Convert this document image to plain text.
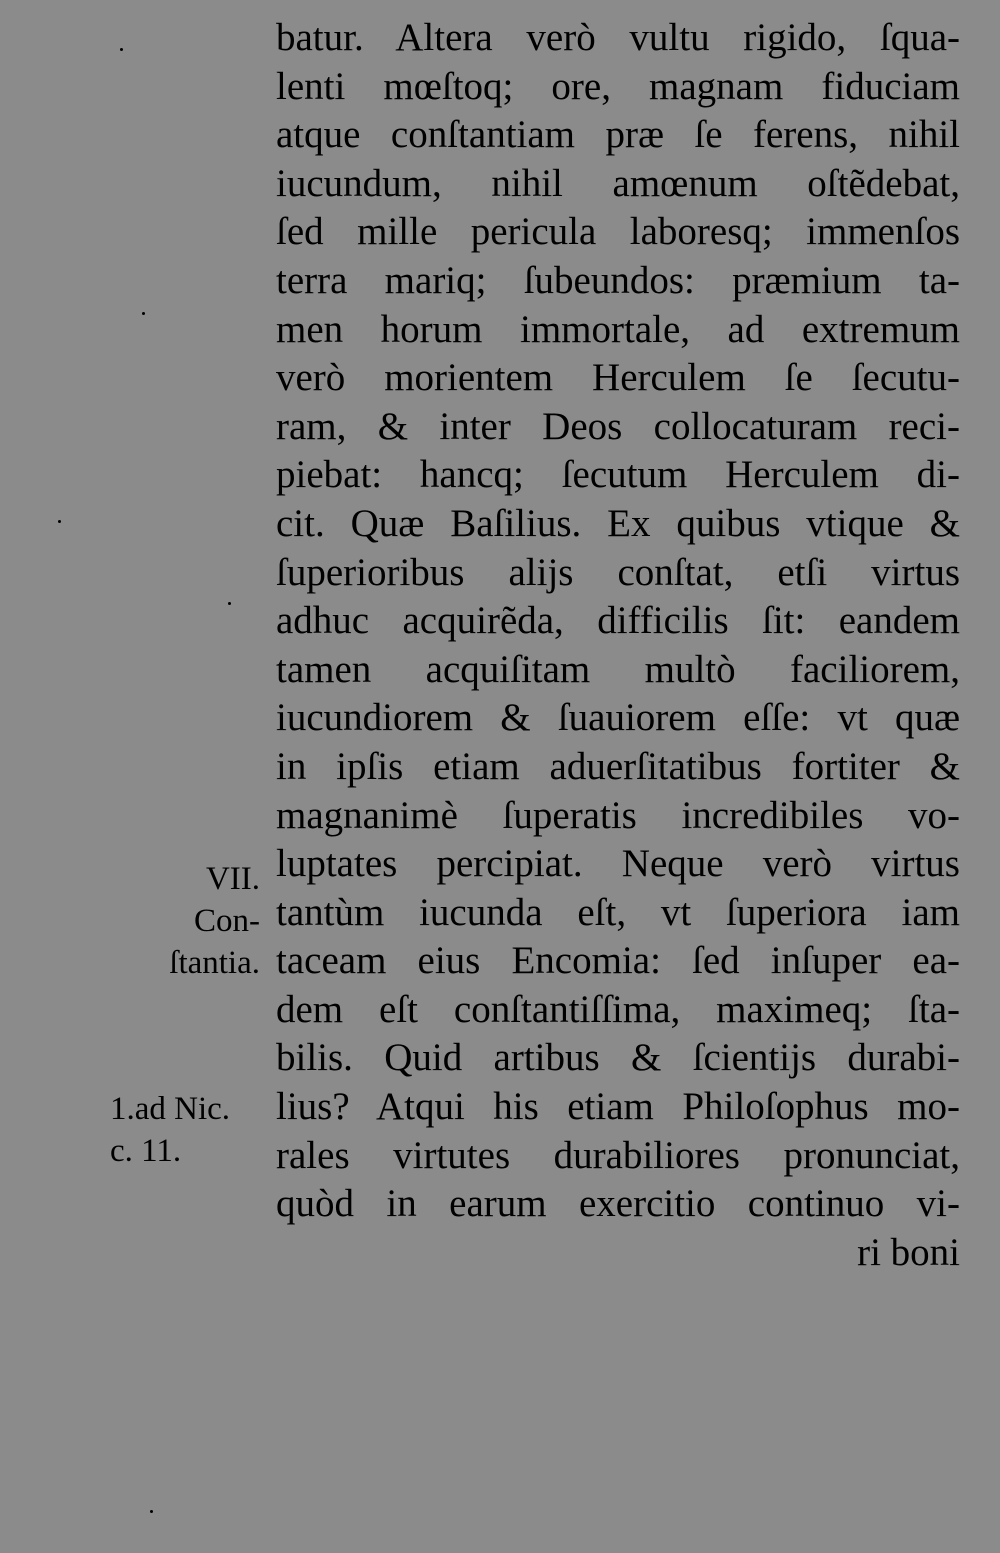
batur. Altera verò vultu rigido, ſqua-
lenti mœſtoq; ore, magnam fiduciam
atque conſtantiam præ ſe ferens, nihil
iucundum, nihil amœnum oſtẽdebat,
ſed mille pericula laboresq; immenſos
terra mariq; ſubeundos: præmium ta-
men horum immortale, ad extremum
verò morientem Herculem ſe ſecutu-
ram, & inter Deos collocaturam reci-
piebat: hancq; ſecutum Herculem di-
cit. Quæ Baſilius. Ex quibus vtique &
ſuperioribus alijs conſtat, etſi virtus
adhuc acquirẽda, difficilis ſit: eandem
tamen acquiſitam multò faciliorem,
iucundiorem & ſuauiorem eſſe: vt quæ
in ipſis etiam aduerſitatibus fortiter &
magnanimè ſuperatis incredibiles vo-
luptates percipiat. Neque verò virtus
tantùm iucunda eſt, vt ſuperiora iam
taceam eius Encomia: ſed inſuper ea-
dem eſt conſtantiſſima, maximeq; ſta-
bilis. Quid artibus & ſcientijs durabi-
lius? Atqui his etiam Philoſophus mo-
rales virtutes durabiliores pronunciat,
quòd in earum exercitio continuo vi-
ri boni
VII.
Con-
ſtantia.
1.ad Nic.
c. 11.
